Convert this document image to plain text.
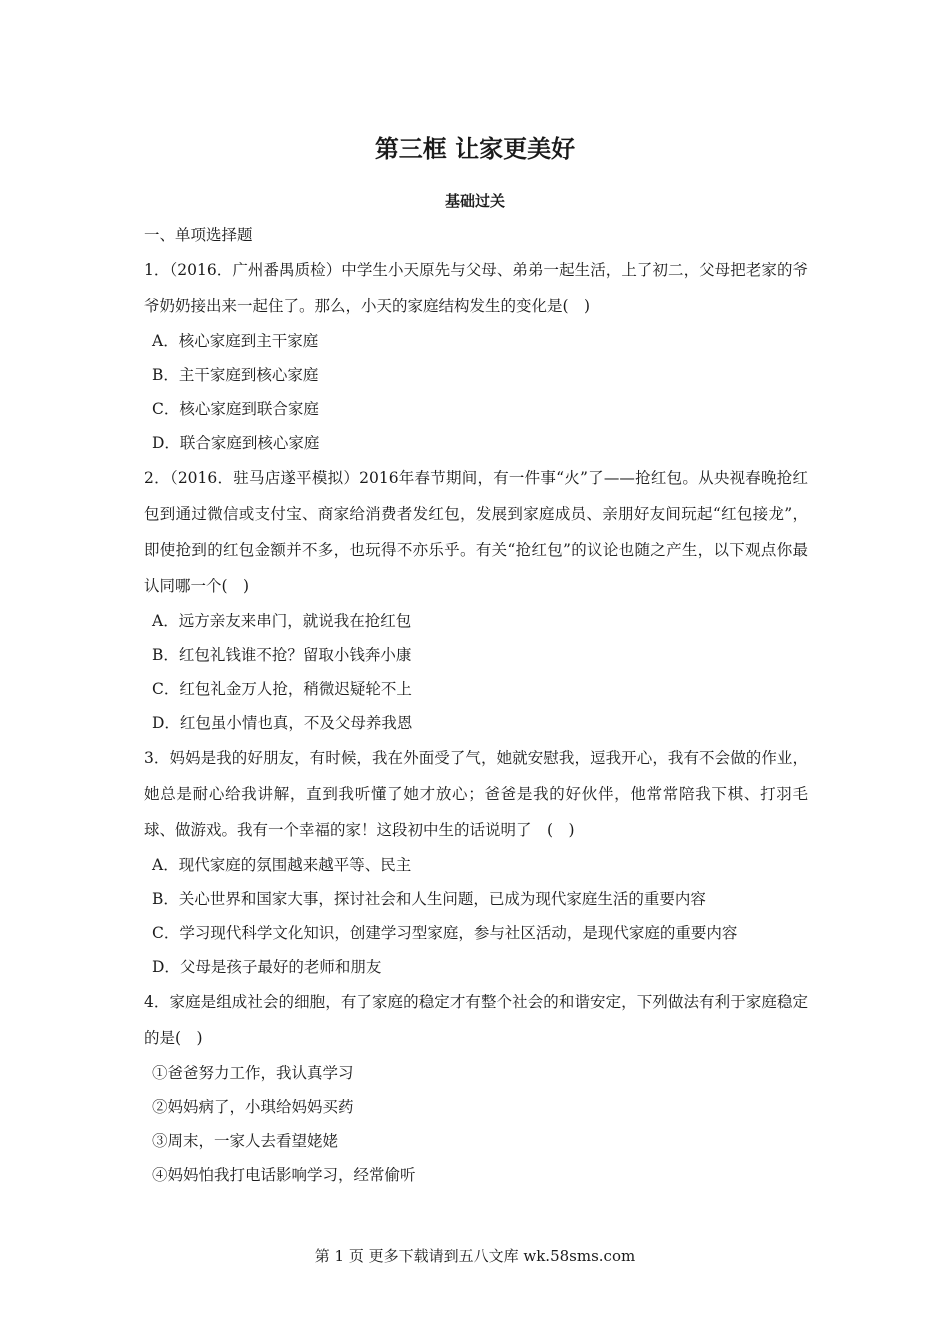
第三框 让家更美好
基础过关
一、单项选择题
1．（2016．广州番禺质检）中学生小天原先与父母、弟弟一起生活，上了初二，父母把老家的爷爷奶奶接出来一起住了。那么，小天的家庭结构发生的变化是(　)
A．核心家庭到主干家庭
B．主干家庭到核心家庭
C．核心家庭到联合家庭
D．联合家庭到核心家庭
2．（2016．驻马店遂平模拟）2016年春节期间，有一件事“火”了——抢红包。从央视春晚抢红包到通过微信或支付宝、商家给消费者发红包，发展到家庭成员、亲朋好友间玩起“红包接龙”，即使抢到的红包金额并不多，也玩得不亦乐乎。有关“抢红包”的议论也随之产生，以下观点你最认同哪一个(　)
A．远方亲友来串门，就说我在抢红包
B．红包礼钱谁不抢？留取小钱奔小康
C．红包礼金万人抢，稍微迟疑轮不上
D．红包虽小情也真，不及父母养我恩
3．妈妈是我的好朋友，有时候，我在外面受了气，她就安慰我，逗我开心，我有不会做的作业，她总是耐心给我讲解，直到我听懂了她才放心；爸爸是我的好伙伴，他常常陪我下棋、打羽毛球、做游戏。我有一个幸福的家！这段初中生的话说明了　(　)
A．现代家庭的氛围越来越平等、民主
B．关心世界和国家大事，探讨社会和人生问题，已成为现代家庭生活的重要内容
C．学习现代科学文化知识，创建学习型家庭，参与社区活动，是现代家庭的重要内容
D．父母是孩子最好的老师和朋友
4．家庭是组成社会的细胞，有了家庭的稳定才有整个社会的和谐安定，下列做法有利于家庭稳定的是(　)
①爸爸努力工作，我认真学习
②妈妈病了，小琪给妈妈买药
③周末，一家人去看望姥姥
④妈妈怕我打电话影响学习，经常偷听
第 1 页 更多下载请到五八文库 wk.58sms.com
